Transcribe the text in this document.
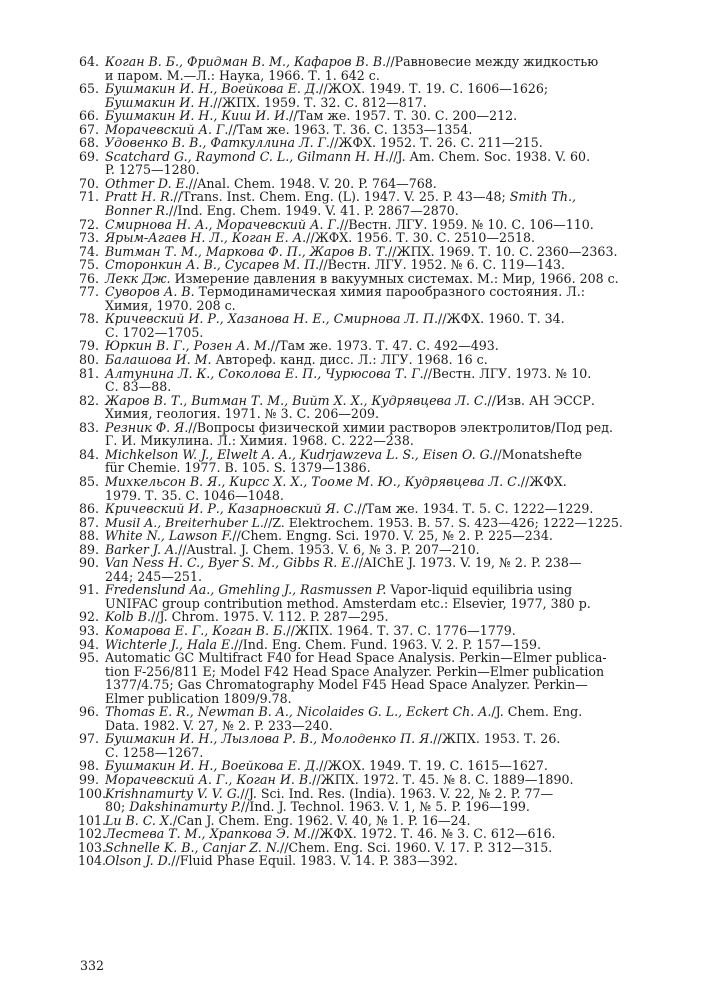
64. Коган В. Б., Фридман В. М., Кафаров В. В.//Равновесие между жидкостью
и паром. М.—Л.: Наука, 1966. Т. 1. 642 с.
65. Бушмакин И. Н., Воейкова Е. Д.//ЖОХ. 1949. Т. 19. С. 1606—1626;
Бушмакин И. Н.//ЖПХ. 1959. Т. 32. С. 812—817.
66. Бушмакин И. Н., Киш И. И.//Там же. 1957. Т. 30. С. 200—212.
67. Морачевский А. Г.//Там же. 1963. Т. 36. С. 1353—1354.
68. Удовенко В. В., Фаткуллина Л. Г.//ЖФХ. 1952. Т. 26. С. 211—215.
69. Scatchard G., Raymond C. L., Gilmann H. H.//J. Am. Chem. Soc. 1938. V. 60.
P. 1275—1280.
70. Othmer D. E.//Anal. Chem. 1948. V. 20. P. 764—768.
71. Pratt H. R.//Trans. Inst. Chem. Eng. (L). 1947. V. 25. P. 43—48; Smith Th.,
Bonner R.//Ind. Eng. Chem. 1949. V. 41. P. 2867—2870.
72. Смирнова Н. А., Морачевский А. Г.//Вестн. ЛГУ. 1959. № 10. С. 106—110.
73. Ярым-Агаев Н. Л., Коган Е. А.//ЖФХ. 1956. Т. 30. С. 2510—2518.
74. Витман Т. М., Маркова Ф. П., Жаров В. Т.//ЖПХ. 1969. Т. 10. С. 2360—2363.
75. Сторонкин А. В., Сусарев М. П.//Вестн. ЛГУ. 1952. № 6. С. 119—143.
76. Лекк Дж. Измерение давления в вакуумных системах. М.: Мир, 1966. 208 с.
77. Суворов А. В. Термодинамическая химия парообразного состояния. Л.:
Химия, 1970. 208 с.
78. Кричевский И. Р., Хазанова Н. Е., Смирнова Л. П.//ЖФХ. 1960. Т. 34.
С. 1702—1705.
79. Юркин В. Г., Розен А. М.//Там же. 1973. Т. 47. С. 492—493.
80. Балашова И. М. Автореф. канд. дисс. Л.: ЛГУ. 1968. 16 с.
81. Алтунина Л. К., Соколова Е. П., Чурюсова Т. Г.//Вестн. ЛГУ. 1973. № 10.
С. 83—88.
82. Жаров В. Т., Витман Т. М., Вийт Х. Х., Кудрявцева Л. С.//Изв. АН ЭССР.
Химия, геология. 1971. № 3. С. 206—209.
83. Резник Ф. Я.//Вопросы физической химии растворов электролитов/Под ред.
Г. И. Микулина. Л.: Химия. 1968. С. 222—238.
84. Michkelson W. J., Elwelt A. A., Kudrjawzeva L. S., Eisen O. G.//Monatshefte
für Chemie. 1977. B. 105. S. 1379—1386.
85. Михкельсон В. Я., Кирсс Х. Х., Тооме М. Ю., Кудрявцева Л. С.//ЖФХ.
1979. Т. 35. С. 1046—1048.
86. Кричевский И. Р., Казарновский Я. С.//Там же. 1934. Т. 5. С. 1222—1229.
87. Musil A., Breiterhuber L.//Z. Elektrochem. 1953. B. 57. S. 423—426; 1222—1225.
88. White N., Lawson F.//Chem. Engng. Sci. 1970. V. 25, № 2. P. 225—234.
89. Barker J. A.//Austral. J. Chem. 1953. V. 6, № 3. P. 207—210.
90. Van Ness H. C., Byer S. M., Gibbs R. E.//AIChE J. 1973. V. 19, № 2. P. 238—
244; 245—251.
91. Fredenslund Aa., Gmehling J., Rasmussen P. Vapor-liquid equilibria using
UNIFAC group contribution method. Amsterdam etc.: Elsevier, 1977, 380 p.
92. Kolb B.//J. Chrom. 1975. V. 112. P. 287—295.
93. Комарова Е. Г., Коган В. Б.//ЖПХ. 1964. Т. 37. С. 1776—1779.
94. Wichterle J., Hala E.//Ind. Eng. Chem. Fund. 1963. V. 2. P. 157—159.
95. Automatic GC Multifract F40 for Head Space Analysis. Perkin—Elmer publica-
tion F-256/811 E; Model F42 Head Space Analyzer. Perkin—Elmer publication
1377/4.75; Gas Chromatography Model F45 Head Space Analyzer. Perkin—
Elmer publication 1809/9.78.
96. Thomas E. R., Newman B. A., Nicolaides G. L., Eckert Ch. A./J. Chem. Eng.
Data. 1982. V. 27, № 2. P. 233—240.
97. Бушмакин И. Н., Лызлова Р. В., Молоденко П. Я.//ЖПХ. 1953. Т. 26.
С. 1258—1267.
98. Бушмакин И. Н., Воейкова Е. Д.//ЖОХ. 1949. Т. 19. С. 1615—1627.
99. Морачевский А. Г., Коган И. В.//ЖПХ. 1972. Т. 45. № 8. С. 1889—1890.
100.
Krishnamurty V. V. G.//J. Sci. Ind. Res. (India). 1963. V. 22, № 2. P. 77—
80; Dakshinamurty P.//Ind. J. Technol. 1963. V. 1, № 5. P. 196—199.
101.
Lu B. C. X./Can J. Chem. Eng. 1962. V. 40, № 1. P. 16—24.
102.
Лестева Т. М., Храпкова Э. М.//ЖФХ. 1972. Т. 46. № 3. С. 612—616.
103.
Schnelle K. B., Canjar Z. N.//Chem. Eng. Sci. 1960. V. 17. P. 312—315.
104.
Olson J. D.//Fluid Phase Equil. 1983. V. 14. P. 383—392.
332
